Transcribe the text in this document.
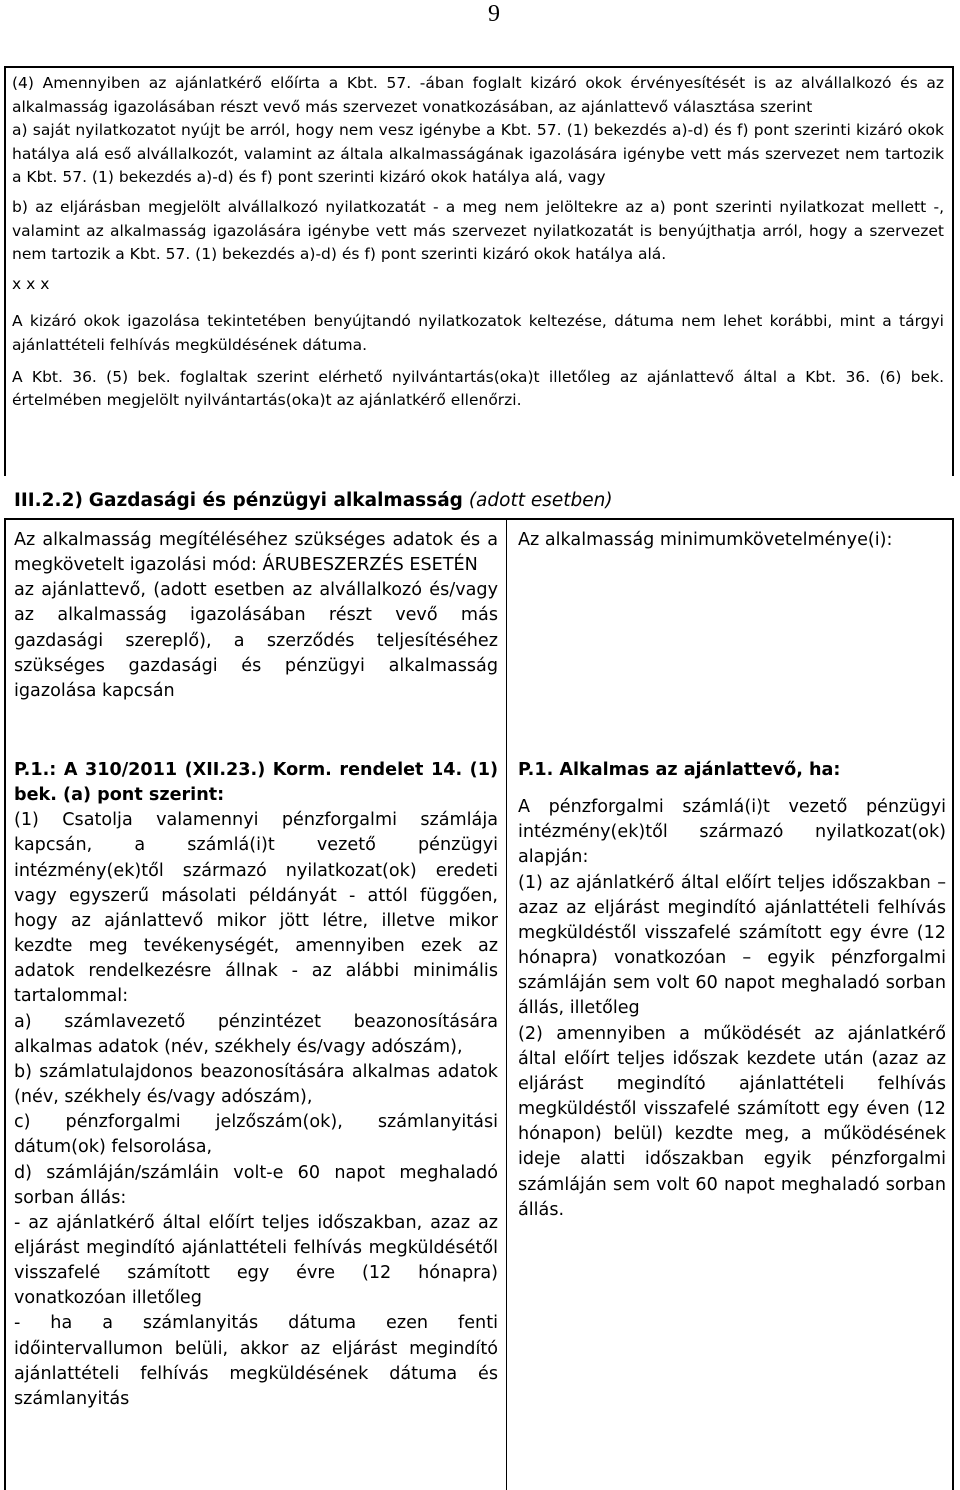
9

(4) Amennyiben az ajánlatkérő előírta a Kbt. 57. -ában foglalt kizáró okok érvényesítését is az alvállalkozó és az alkalmasság igazolásában részt vevő más szervezet vonatkozásában, az ajánlattevő választása szerint

a) saját nyilatkozatot nyújt be arról, hogy nem vesz igénybe a Kbt. 57. (1) bekezdés a)-d) és f) pont szerinti kizáró okok hatálya alá eső alvállalkozót, valamint az általa alkalmasságának igazolására igénybe vett más szervezet nem tartozik a Kbt. 57. (1) bekezdés a)-d) és f) pont szerinti kizáró okok hatálya alá, vagy

b) az eljárásban megjelölt alvállalkozó nyilatkozatát - a meg nem jelöltekre az a) pont szerinti nyilatkozat mellett -, valamint az alkalmasság igazolására igénybe vett más szervezet nyilatkozatát is benyújthatja arról, hogy a szervezet nem tartozik a Kbt. 57. (1) bekezdés a)-d) és f) pont szerinti kizáró okok hatálya alá.

x x x

A kizáró okok igazolása tekintetében benyújtandó nyilatkozatok keltezése, dátuma nem lehet korábbi, mint a tárgyi ajánlattételi felhívás megküldésének dátuma.

A Kbt. 36. (5) bek. foglaltak szerint elérhető nyilvántartás(oka)t illetőleg az ajánlattevő által a Kbt. 36. (6) bek. értelmében megjelölt nyilvántartás(oka)t az ajánlatkérő ellenőrzi.

III.2.2) Gazdasági és pénzügyi alkalmasság (adott esetben)

Az alkalmasság megítéléséhez szükséges adatok és a megkövetelt igazolási mód: ÁRUBESZERZÉS ESETÉN

az ajánlattevő, (adott esetben az alvállalkozó és/vagy az alkalmasság igazolásában részt vevő más gazdasági szereplő), a szerződés teljesítéséhez szükséges gazdasági és pénzügyi alkalmasság igazolása kapcsán

Az alkalmasság minimumkövetelménye(i):

P.1.: A 310/2011 (XII.23.) Korm. rendelet 14. (1) bek. (a) pont szerint:

(1) Csatolja valamennyi pénzforgalmi számlája kapcsán, a számlá(i)t vezető pénzügyi intézmény(ek)től származó nyilatkozat(ok) eredeti vagy egyszerű másolati példányát - attól függően, hogy az ajánlattevő mikor jött létre, illetve mikor kezdte meg tevékenységét, amennyiben ezek az adatok rendelkezésre állnak - az alábbi minimális tartalommal:

a) számlavezető pénzintézet beazonosítására alkalmas adatok (név, székhely és/vagy adószám),

b) számlatulajdonos beazonosítására alkalmas adatok (név, székhely és/vagy adószám),

c) pénzforgalmi jelzőszám(ok), számlanyitási dátum(ok) felsorolása,

d) számláján/számláin volt-e 60 napot meghaladó sorban állás:

- az ajánlatkérő által előírt teljes időszakban, azaz az eljárást megindító ajánlattételi felhívás megküldésétől visszafelé számított egy évre (12 hónapra) vonatkozóan illetőleg

- ha a számlanyitás dátuma ezen fenti időintervallumon belüli, akkor az eljárást megindító ajánlattételi felhívás megküldésének dátuma és számlanyitás

P.1. Alkalmas az ajánlattevő, ha:

A pénzforgalmi számlá(i)t vezető pénzügyi intézmény(ek)től származó nyilatkozat(ok) alapján:

(1) az ajánlatkérő által előírt teljes időszakban – azaz az eljárást megindító ajánlattételi felhívás megküldéstől visszafelé számított egy évre (12 hónapra) vonatkozóan – egyik pénzforgalmi számláján sem volt 60 napot meghaladó sorban állás, illetőleg

(2) amennyiben a működését az ajánlatkérő által előírt teljes időszak kezdete után (azaz az eljárást megindító ajánlattételi felhívás megküldéstől visszafelé számított egy éven (12 hónapon) belül) kezdte meg, a működésének ideje alatti időszakban egyik pénzforgalmi számláján sem volt 60 napot meghaladó sorban állás.
